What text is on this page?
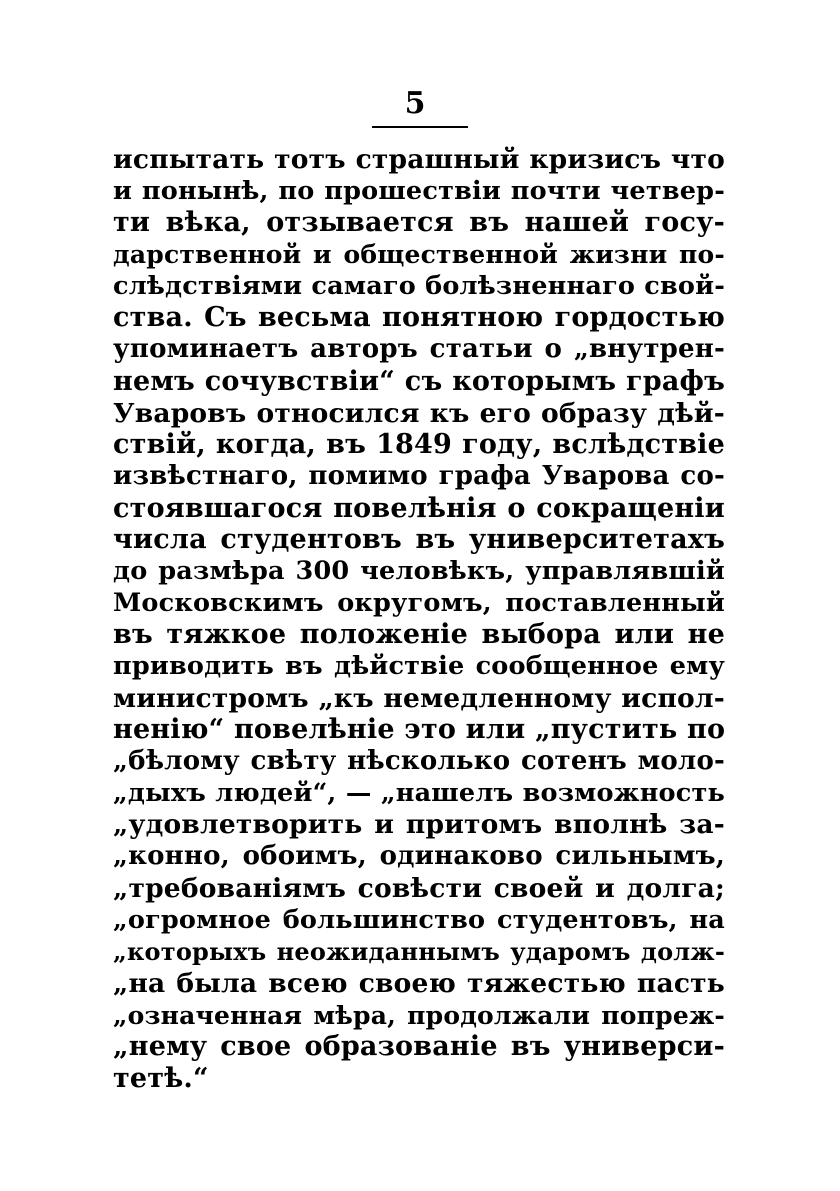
5
испытать тотъ страшный кризисъ что
и понынѣ, по прошествіи почти четвер-
ти вѣка, отзывается въ нашей госу-
дарственной и общественной жизни по-
слѣдствіями самаго болѣзненнаго свой-
ства. Съ весьма понятною гордостью
упоминаетъ авторъ статьи о „внутрен-
немъ сочувствіи“ съ которымъ графъ
Уваровъ относился къ его образу дѣй-
ствій, когда, въ 1849 году, вслѣдствіе
извѣстнаго, помимо графа Уварова со-
стоявшагося повелѣнія о сокращеніи
числа студентовъ въ университетахъ
до размѣра 300 человѣкъ, управлявшій
Московскимъ округомъ, поставленный
въ тяжкое положеніе выбора или не
приводить въ дѣйствіе сообщенное ему
министромъ „къ немедленному испол-
ненію“ повелѣніе это или „пустить по
„бѣлому свѣту нѣсколько сотенъ моло-
„дыхъ людей“, — „нашелъ возможность
„удовлетворить и притомъ вполнѣ за-
„конно, обоимъ, одинаково сильнымъ,
„требованіямъ совѣсти своей и долга;
„огромное большинство студентовъ, на
„которыхъ неожиданнымъ ударомъ долж-
„на была всею своею тяжестью пасть
„означенная мѣра, продолжали попреж-
„нему свое образованіе въ универси-
тетѣ.“
